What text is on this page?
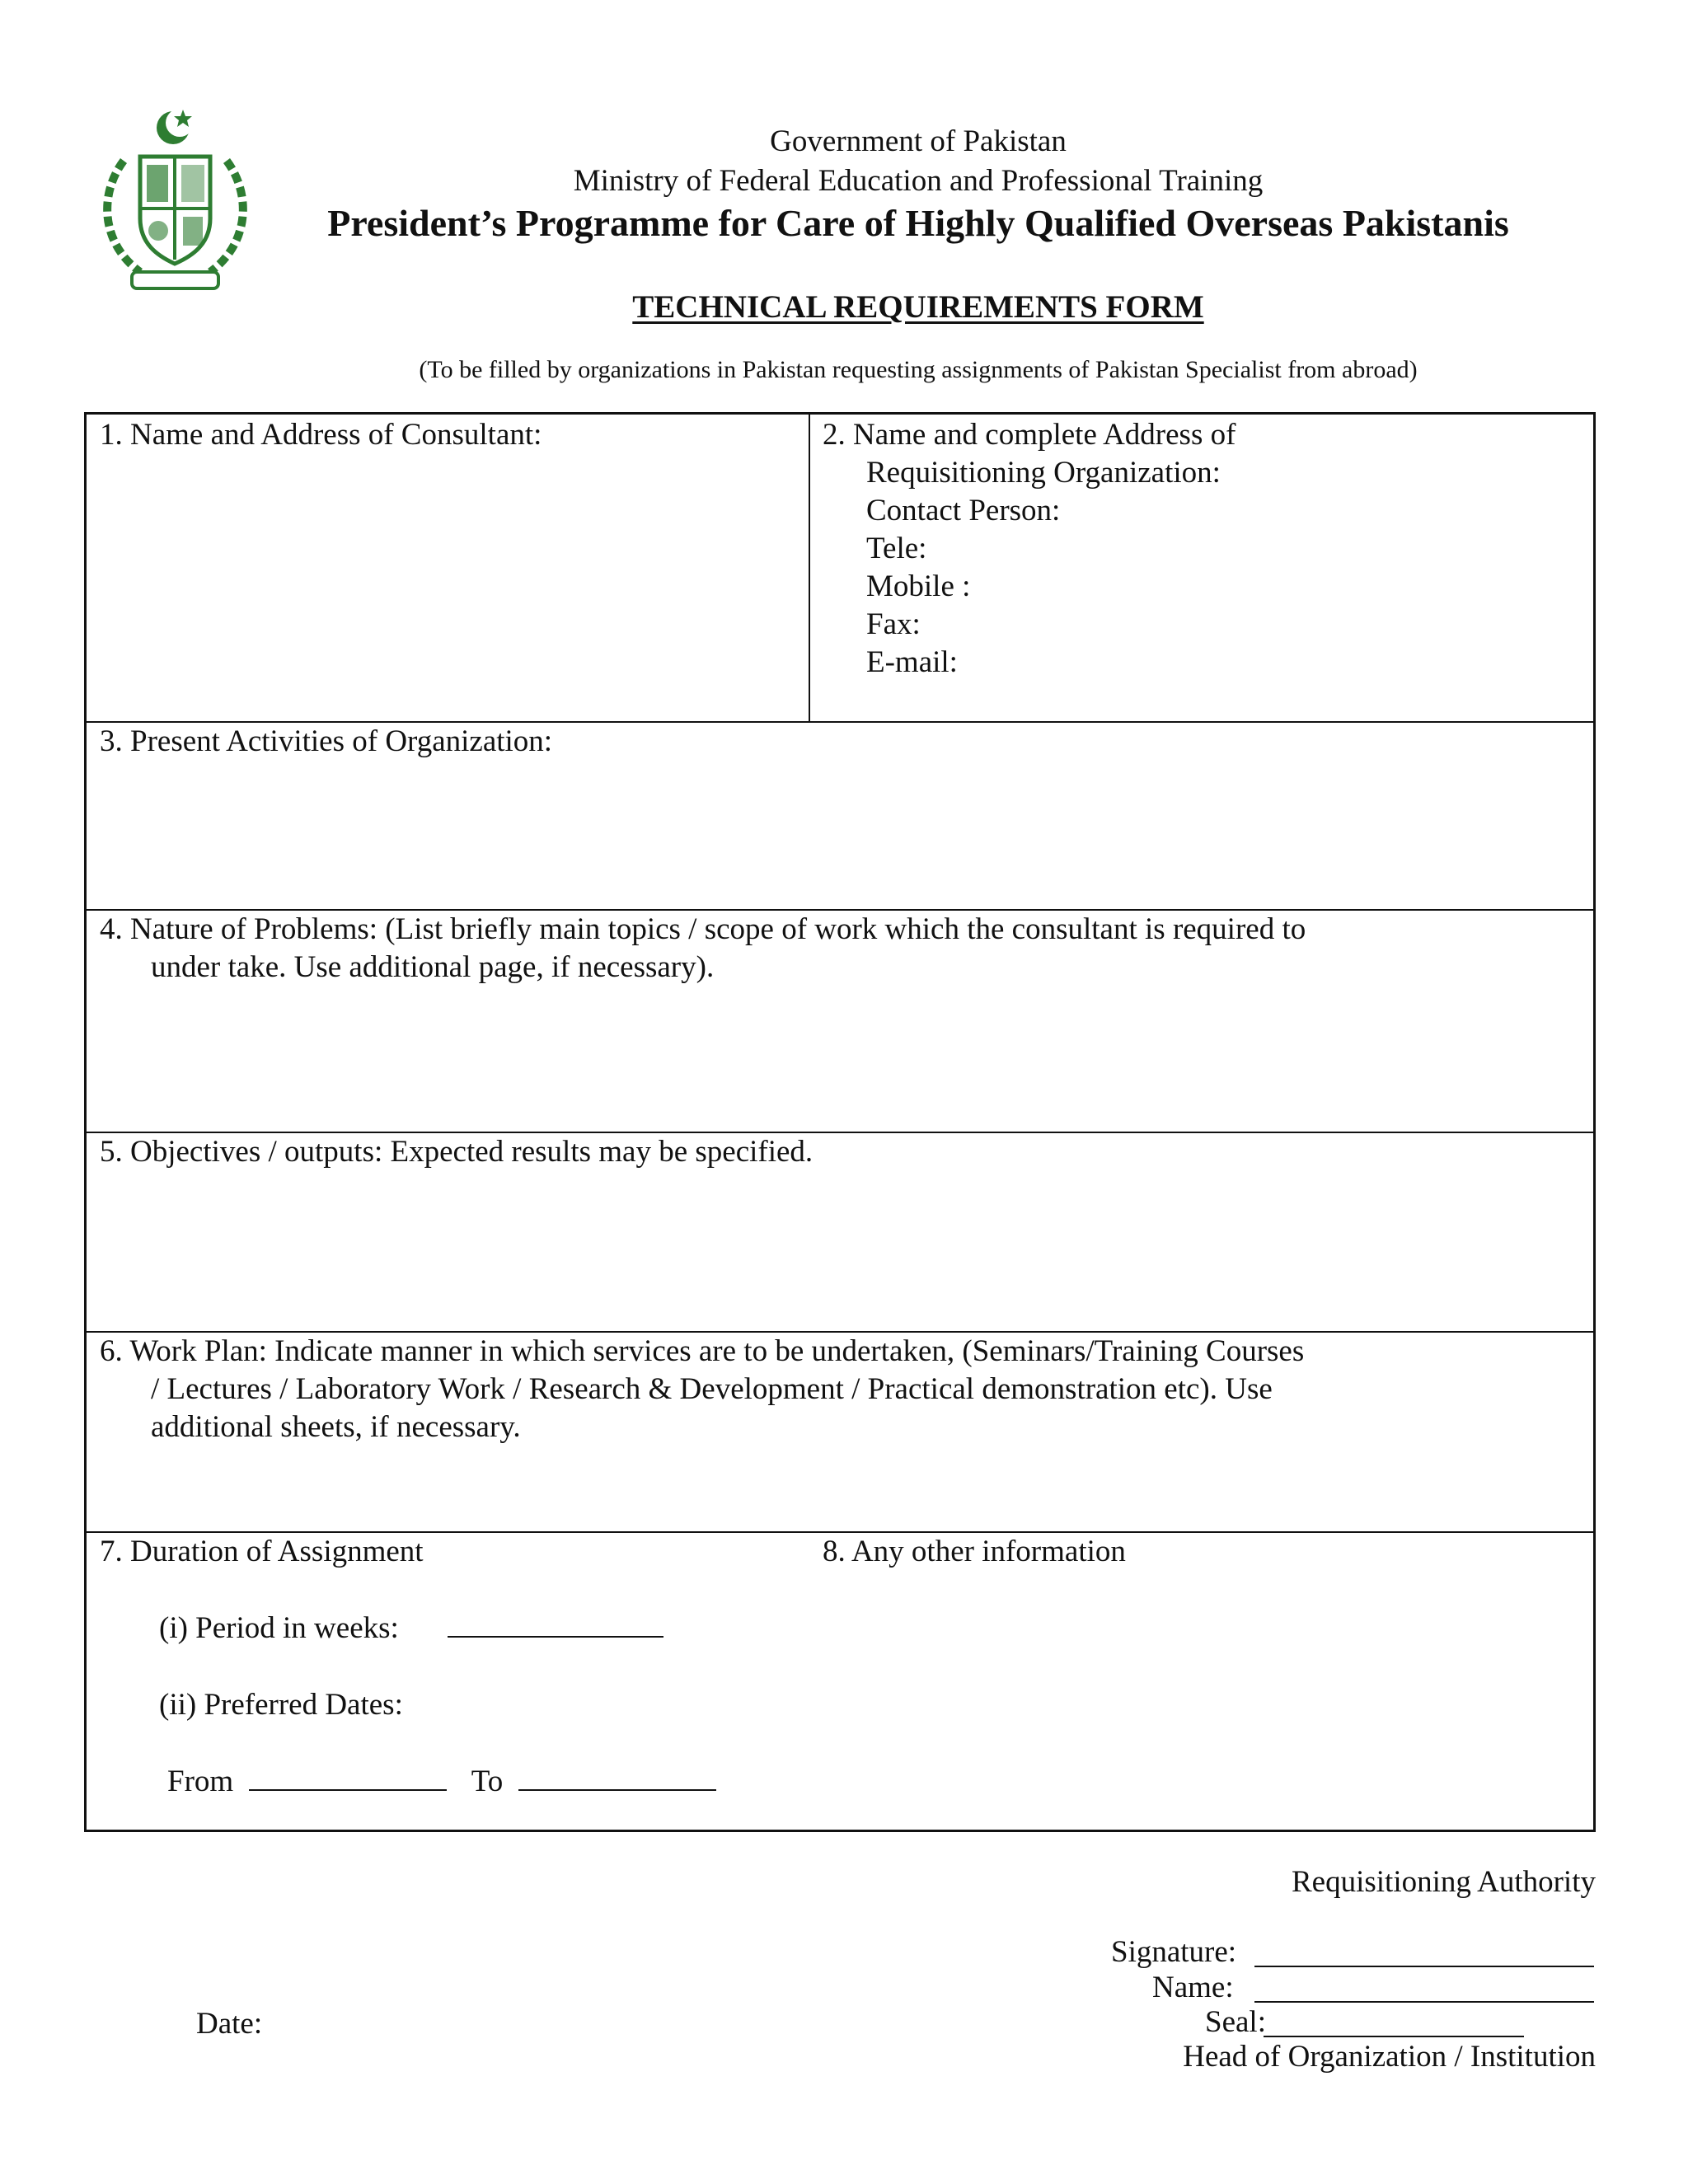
Government of Pakistan
Ministry of Federal Education and Professional Training
President’s Programme for Care of Highly Qualified Overseas Pakistanis
TECHNICAL REQUIREMENTS FORM
(To be filled by organizations in Pakistan requesting assignments of Pakistan Specialist from abroad)
1. Name and Address of Consultant:	2. Name and complete Address of
Requisitioning Organization:
Contact Person:
Tele:
Mobile :
Fax:
E-mail:
3. Present Activities of Organization:
4. Nature of Problems: (List briefly main topics / scope of work which the consultant is required to
under take. Use additional page, if necessary).
5. Objectives / outputs: Expected results may be specified.
6. Work Plan: Indicate manner in which services are to be undertaken, (Seminars/Training Courses
/ Lectures / Laboratory Work / Research & Development / Practical demonstration etc). Use
additional sheets, if necessary.
7. Duration of Assignment
(i) Period in weeks:
(ii) Preferred Dates:
From	To
8. Any other information
Requisitioning Authority
Signature:
Name:
Seal:
Head of Organization / Institution
Date:
